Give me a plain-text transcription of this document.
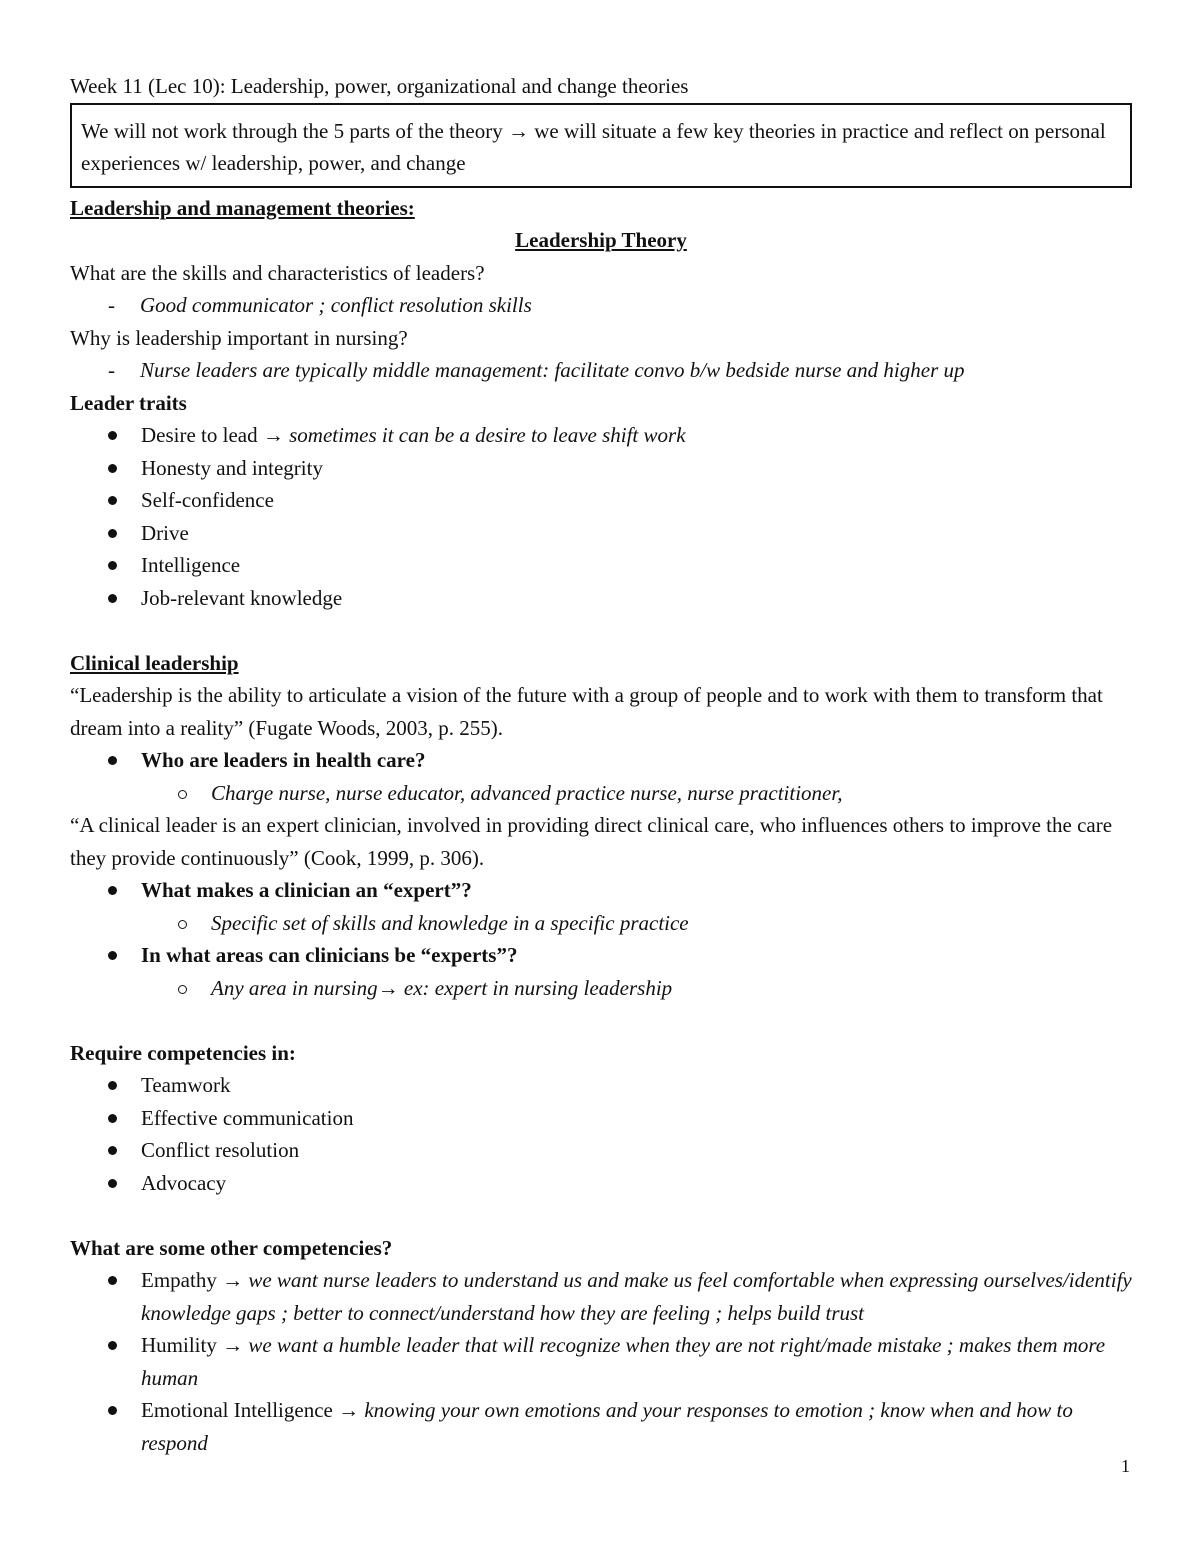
Week 11 (Lec 10): Leadership, power, organizational and change theories
We will not work through the 5 parts of the theory → we will situate a few key theories in practice and reflect on personal experiences w/ leadership, power, and change
Leadership and management theories:
Leadership Theory
What are the skills and characteristics of leaders?
- Good communicator ; conflict resolution skills
Why is leadership important in nursing?
- Nurse leaders are typically middle management: facilitate convo b/w bedside nurse and higher up
Leader traits
Desire to lead → sometimes it can be a desire to leave shift work
Honesty and integrity
Self-confidence
Drive
Intelligence
Job-relevant knowledge
Clinical leadership
“Leadership is the ability to articulate a vision of the future with a group of people and to work with them to transform that dream into a reality” (Fugate Woods, 2003, p. 255).
Who are leaders in health care?
Charge nurse, nurse educator, advanced practice nurse, nurse practitioner,
“A clinical leader is an expert clinician, involved in providing direct clinical care, who influences others to improve the care they provide continuously” (Cook, 1999, p. 306).
What makes a clinician an “expert”?
Specific set of skills and knowledge in a specific practice
In what areas can clinicians be “experts”?
Any area in nursing→ ex: expert in nursing leadership
Require competencies in:
Teamwork
Effective communication
Conflict resolution
Advocacy
What are some other competencies?
Empathy → we want nurse leaders to understand us and make us feel comfortable when expressing ourselves/identify knowledge gaps ; better to connect/understand how they are feeling ; helps build trust
Humility → we want a humble leader that will recognize when they are not right/made mistake ; makes them more human
Emotional Intelligence → knowing your own emotions and your responses to emotion ; know when and how to respond
1
